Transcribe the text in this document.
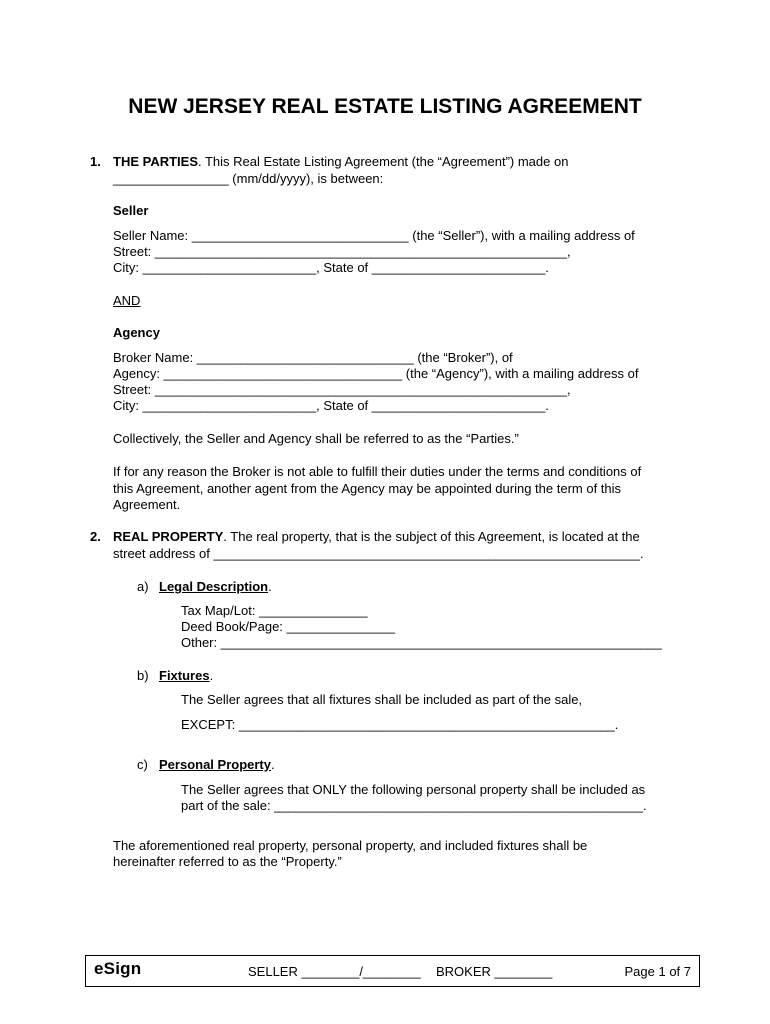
NEW JERSEY REAL ESTATE LISTING AGREEMENT
1. THE PARTIES. This Real Estate Listing Agreement (the “Agreement”) made on
________________ (mm/dd/yyyy), is between:
Seller
Seller Name: ______________________________ (the “Seller”), with a mailing address of
Street: _________________________________________________________,
City: ________________________, State of ________________________.
AND
Agency
Broker Name: ______________________________ (the “Broker”), of
Agency: _________________________________ (the “Agency”), with a mailing address of
Street: _________________________________________________________,
City: ________________________, State of ________________________.
Collectively, the Seller and Agency shall be referred to as the “Parties.”
If for any reason the Broker is not able to fulfill their duties under the terms and conditions of
this Agreement, another agent from the Agency may be appointed during the term of this
Agreement.
2. REAL PROPERTY. The real property, that is the subject of this Agreement, is located at the
street address of ___________________________________________________________.
a) Legal Description.
Tax Map/Lot: _______________
Deed Book/Page: _______________
Other: _____________________________________________________________
b) Fixtures.
The Seller agrees that all fixtures shall be included as part of the sale,
EXCEPT: ____________________________________________________.
c) Personal Property.
The Seller agrees that ONLY the following personal property shall be included as
part of the sale: ___________________________________________________.
The aforementioned real property, personal property, and included fixtures shall be
hereinafter referred to as the “Property.”
eSign	SELLER ________/________ BROKER ________	Page 1 of 7
